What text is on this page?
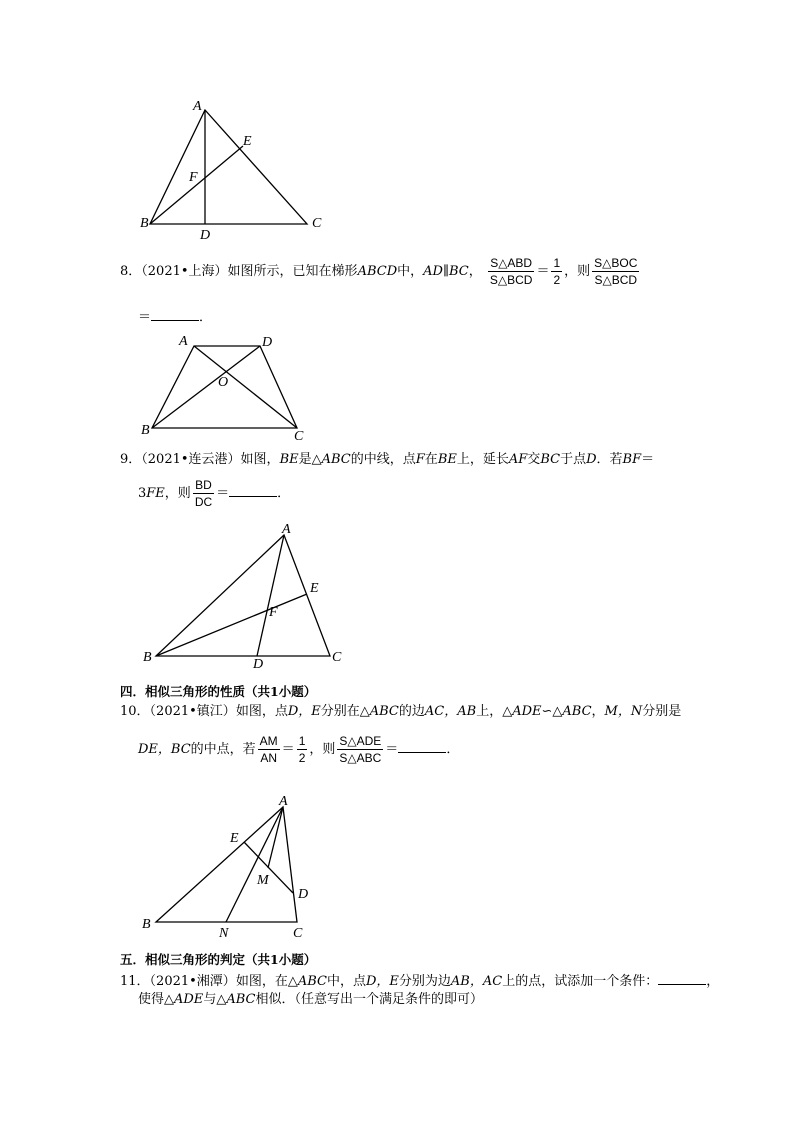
A
B	C
D
E
F
8．（2021•上海）如图所示，已知在梯形ABCD中，AD∥BC， $\frac{\text{S△ABD}}{\text{S△BCD}} = \frac{1}{2}$ ，则 $\frac{\text{S△BOC}}{\text{S△BCD}}$
＝	．
A	D
O
B	C
9．（2021•连云港）如图，BE是△ABC的中线，点F在BE上，延长AF交BC于点D．若BF＝
3FE，则 $\frac{BD}{DC}$ ＝	．
A
E
F
B	D	C
四．相似三角形的性质（共1小题）
10．（2021•镇江）如图，点D，E分别在△ABC的边AC，AB上，△ADE∽△ABC，M，N分别是
DE，BC的中点，若 $\frac{AM}{AN} = \frac{1}{2}$ ，则 $\frac{\text{S△ADE}}{\text{S△ABC}}$ ＝	．
A
E
M
D
B
N	C
五．相似三角形的判定（共1小题）
11．（2021•湘潭）如图，在△ABC中，点D，E分别为边AB，AC上的点，试添加一个条件：	，
使得△ADE与△ABC相似．（任意写出一个满足条件的即可）
